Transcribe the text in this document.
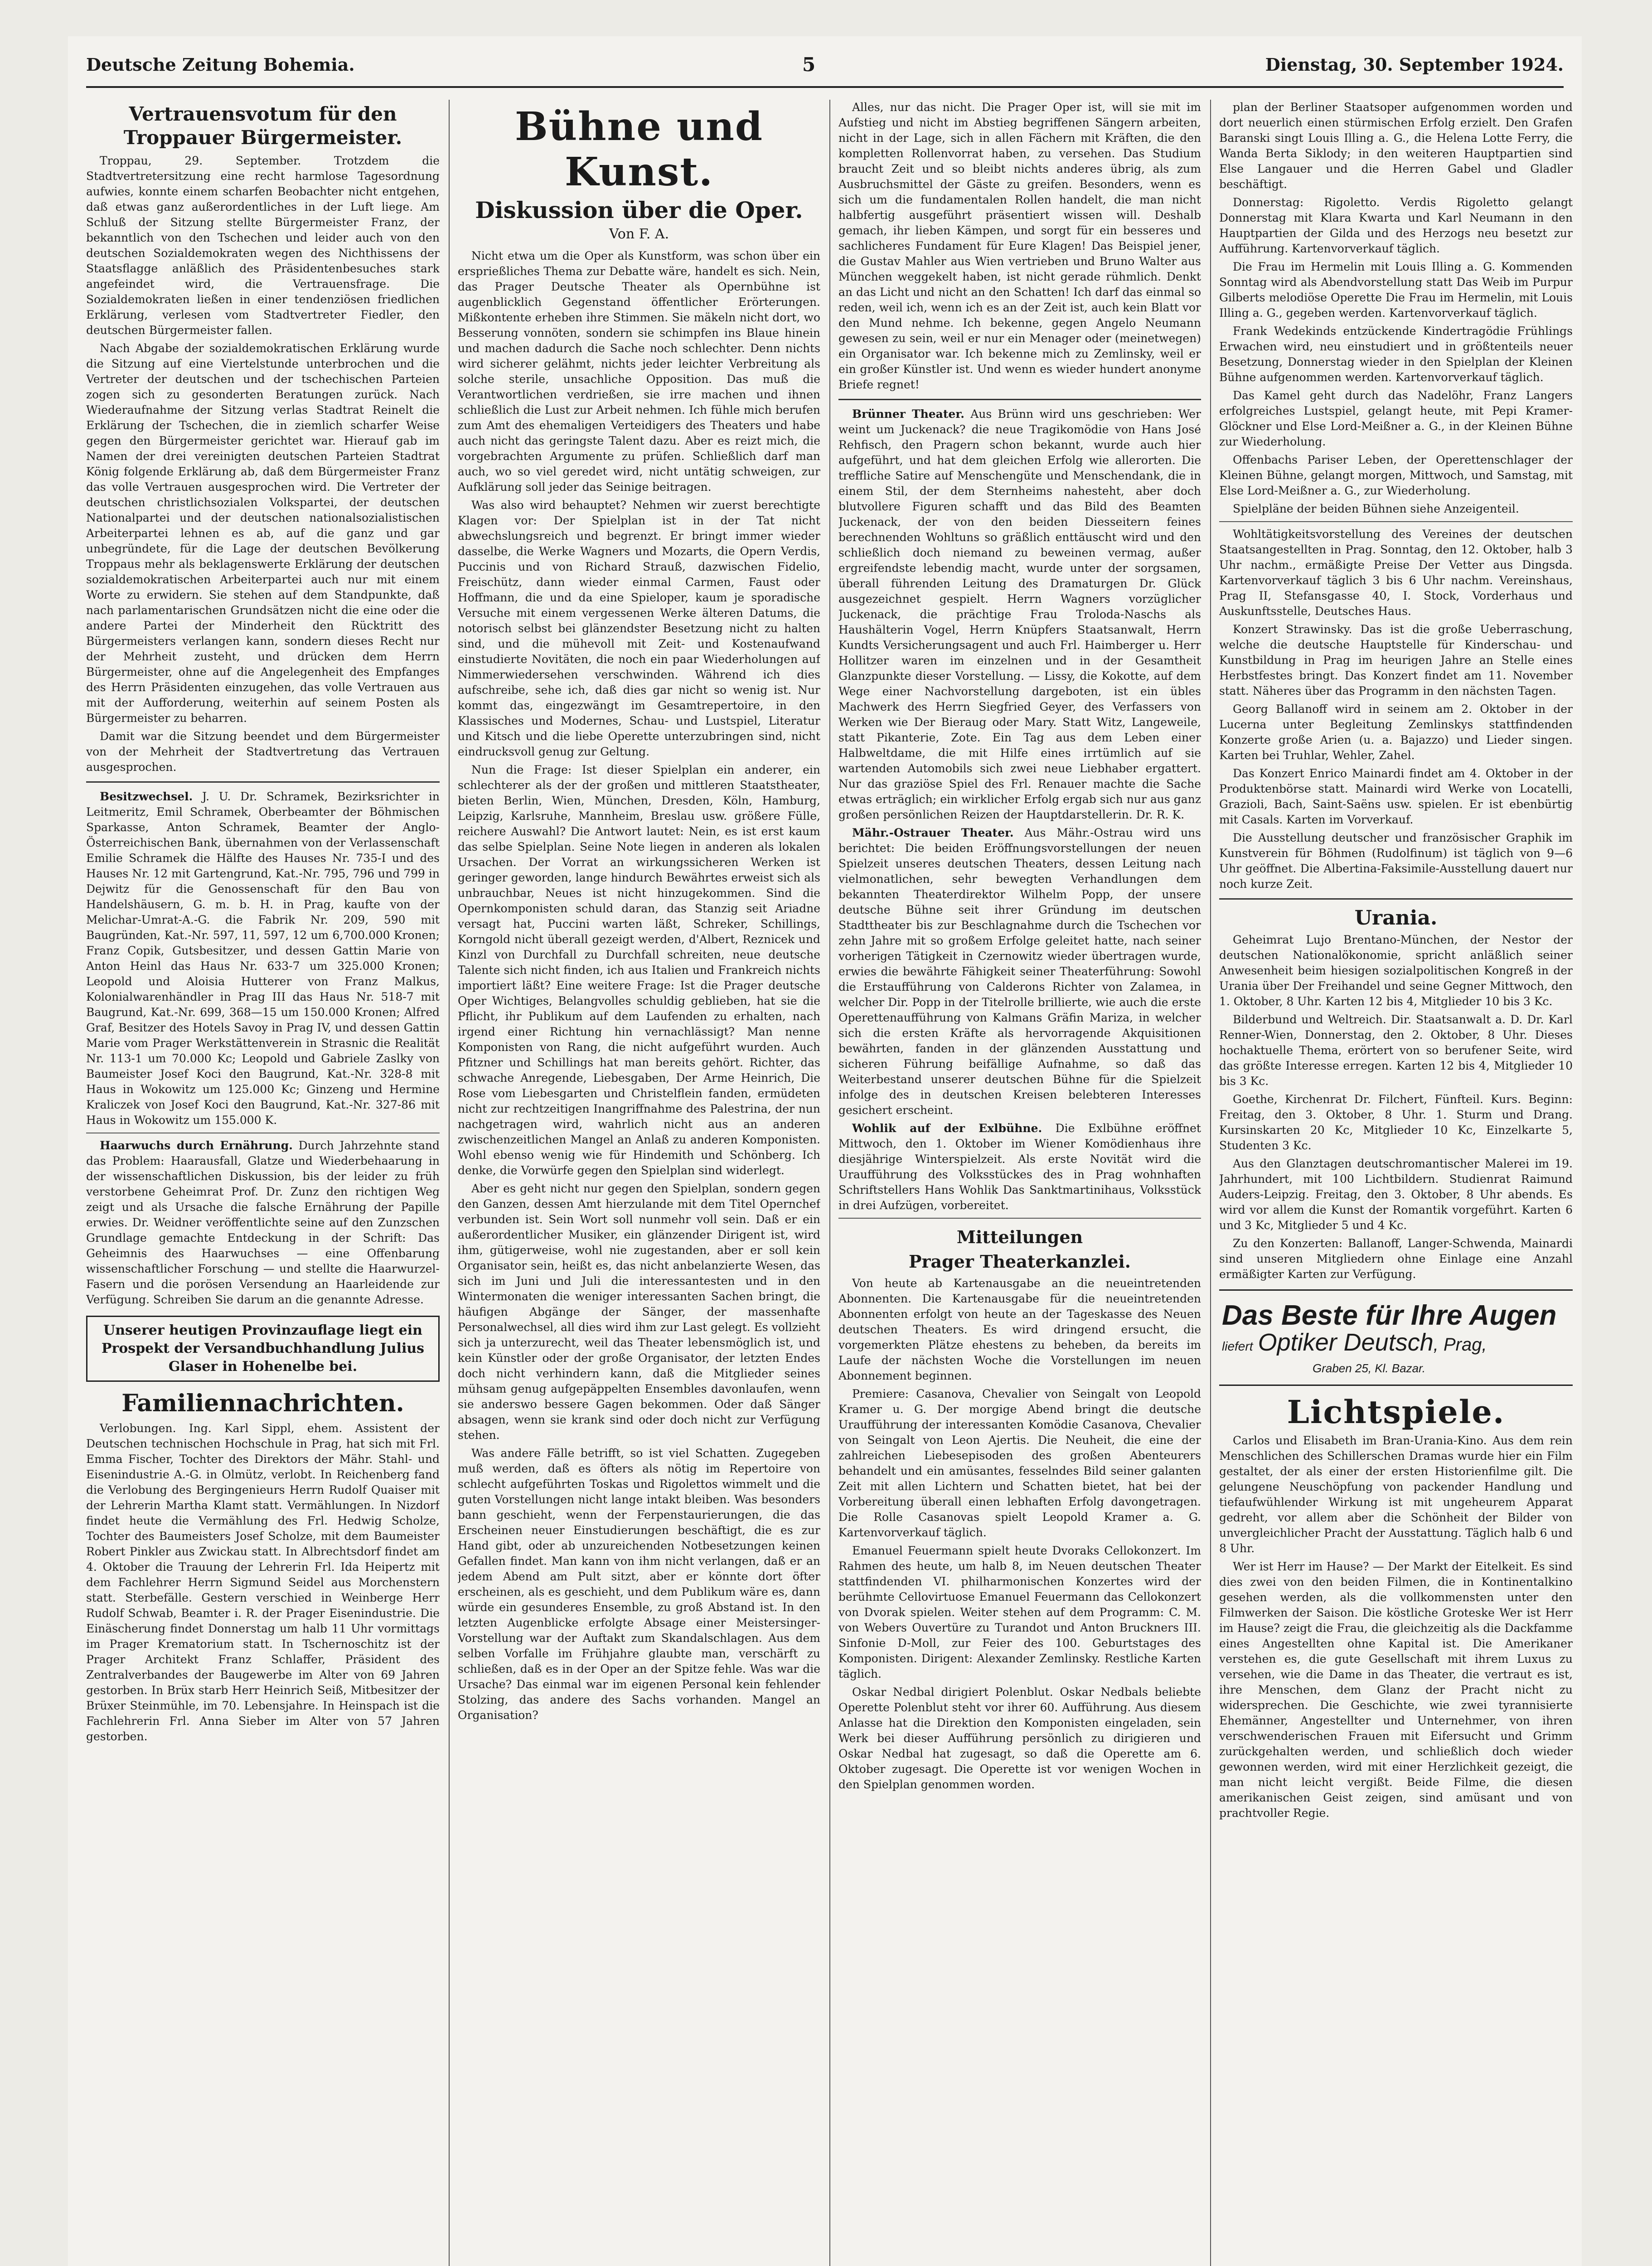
Deutsche Zeitung Bohemia.	5	Dienstag, 30. September 1924.
Vertrauensvotum für den Troppauer Bürgermeister.

Troppau, 29. September. Trotzdem die Stadtvertretersitzung eine recht harmlose Tagesordnung aufwies, konnte einem scharfen Beobachter nicht entgehen, daß etwas ganz außerordentliches in der Luft liege. Am Schluß der Sitzung stellte Bürgermeister Franz, der bekanntlich von den Tschechen und leider auch von den deutschen Sozialdemokraten wegen des Nichthissens der Staatsflagge anläßlich des Präsidentenbesuches stark angefeindet wird, die Vertrauensfrage. Die Sozialdemokraten ließen in einer tendenziösen friedlichen Erklärung, verlesen vom Stadtvertreter Fiedler, den deutschen Bürgermeister fallen.

Nach Abgabe der sozialdemokratischen Erklärung wurde die Sitzung auf eine Viertelstunde unterbrochen und die Vertreter der deutschen und der tschechischen Parteien zogen sich zu gesonderten Beratungen zurück. Nach Wiederaufnahme der Sitzung verlas Stadtrat Reinelt die Erklärung der Tschechen, die in ziemlich scharfer Weise gegen den Bürgermeister gerichtet war. Hierauf gab im Namen der drei vereinigten deutschen Parteien Stadtrat König folgende Erklärung ab, daß dem Bürgermeister Franz das volle Vertrauen ausgesprochen wird. Die Vertreter der deutschen christlichsozialen Volkspartei, der deutschen Nationalpartei und der deutschen nationalsozialistischen Arbeiterpartei lehnen es ab, auf die ganz und gar unbegründete, für die Lage der deutschen Bevölkerung Troppaus mehr als beklagenswerte Erklärung der deutschen sozialdemokratischen Arbeiterpartei auch nur mit einem Worte zu erwidern. Sie stehen auf dem Standpunkte, daß nach parlamentarischen Grundsätzen nicht die eine oder die andere Partei der Minderheit den Rücktritt des Bürgermeisters verlangen kann, sondern dieses Recht nur der Mehrheit zusteht, und drücken dem Herrn Bürgermeister, ohne auf die Angelegenheit des Empfanges des Herrn Präsidenten einzugehen, das volle Vertrauen aus mit der Aufforderung, weiterhin auf seinem Posten als Bürgermeister zu beharren.

Damit war die Sitzung beendet und dem Bürgermeister von der Mehrheit der Stadtvertretung das Vertrauen ausgesprochen.

Besitzwechsel. J. U. Dr. Schramek, Bezirksrichter in Leitmeritz, Emil Schramek, Oberbeamter der Böhmischen Sparkasse, Anton Schramek, Beamter der Anglo-Österreichischen Bank, übernahmen von der Verlassenschaft Emilie Schramek die Hälfte des Hauses Nr. 735-I und des Hauses Nr. 12 mit Gartengrund, Kat.-Nr. 795, 796 und 799 in Dejwitz für die Genossenschaft für den Bau von Handelshäusern, G. m. b. H. in Prag, kaufte von der Melichar-Umrat-A.-G. die Fabrik Nr. 209, 590 mit Baugründen, Kat.-Nr. 597, 11, 597, 12 um 6,700.000 Kronen; Franz Copik, Gutsbesitzer, und dessen Gattin Marie von Anton Heinl das Haus Nr. 633-7 um 325.000 Kronen; Leopold und Aloisia Hutterer von Franz Malkus, Kolonialwarenhändler in Prag III das Haus Nr. 518-7 mit Baugrund, Kat.-Nr. 699, 368—15 um 150.000 Kronen; Alfred Graf, Besitzer des Hotels Savoy in Prag IV, und dessen Gattin Marie vom Prager Werkstättenverein in Strasnic die Realität Nr. 113-1 um 70.000 Kc; Leopold und Gabriele Zaslky von Baumeister Josef Koci den Baugrund, Kat.-Nr. 328-8 mit Haus in Wokowitz um 125.000 Kc; Ginzeng und Hermine Kraliczek von Josef Koci den Baugrund, Kat.-Nr. 327-86 mit Haus in Wokowitz um 155.000 K.

Haarwuchs durch Ernährung. Durch Jahrzehnte stand das Problem: Haarausfall, Glatze und Wiederbehaarung in der wissenschaftlichen Diskussion, bis der leider zu früh verstorbene Geheimrat Prof. Dr. Zunz den richtigen Weg zeigt und als Ursache die falsche Ernährung der Papille erwies. Dr. Weidner veröffentlichte seine auf den Zunzschen Grundlage gemachte Entdeckung in der Schrift: Das Geheimnis des Haarwuchses — eine Offenbarung wissenschaftlicher Forschung — und stellte die Haarwurzel-Fasern und die porösen Versendung an Haarleidende zur Verfügung. Schreiben Sie darum an die genannte Adresse.

Unserer heutigen Provinzauflage liegt ein Prospekt der Versandbuchhandlung Julius Glaser in Hohenelbe bei.
Familiennachrichten.

Verlobungen. Ing. Karl Sippl, ehem. Assistent der Deutschen technischen Hochschule in Prag, hat sich mit Frl. Emma Fischer, Tochter des Direktors der Mähr. Stahl- und Eisenindustrie A.-G. in Olmütz, verlobt. In Reichenberg fand die Verlobung des Bergingenieurs Herrn Rudolf Quaiser mit der Lehrerin Martha Klamt statt. Vermählungen. In Nizdorf findet heute die Vermählung des Frl. Hedwig Scholze, Tochter des Baumeisters Josef Scholze, mit dem Baumeister Robert Pinkler aus Zwickau statt. In Albrechtsdorf findet am 4. Oktober die Trauung der Lehrerin Frl. Ida Heipertz mit dem Fachlehrer Herrn Sigmund Seidel aus Morchenstern statt. Sterbefälle. Gestern verschied in Weinberge Herr Rudolf Schwab, Beamter i. R. der Prager Eisenindustrie. Die Einäscherung findet Donnerstag um halb 11 Uhr vormittags im Prager Krematorium statt. In Tschernoschitz ist der Prager Architekt Franz Schlaffer, Präsident des Zentralverbandes der Baugewerbe im Alter von 69 Jahren gestorben. In Brüx starb Herr Heinrich Seiß, Mitbesitzer der Brüxer Steinmühle, im 70. Lebensjahre. In Heinspach ist die Fachlehrerin Frl. Anna Sieber im Alter von 57 Jahren gestorben.

Bühne und Kunst.
Diskussion über die Oper.
Von F. A.

Nicht etwa um die Oper als Kunstform, was schon über ein ersprießliches Thema zur Debatte wäre, handelt es sich. Nein, das Prager Deutsche Theater als Opernbühne ist augenblicklich Gegenstand öffentlicher Erörterungen. Mißkontente erheben ihre Stimmen. Sie mäkeln nicht dort, wo Besserung vonnöten, sondern sie schimpfen ins Blaue hinein und machen dadurch die Sache noch schlechter. Denn nichts wird sicherer gelähmt, nichts jeder leichter Verbreitung als solche sterile, unsachliche Opposition. Das muß die Verantwortlichen verdrießen, sie irre machen und ihnen schließlich die Lust zur Arbeit nehmen. Ich fühle mich berufen zum Amt des ehemaligen Verteidigers des Theaters und habe auch nicht das geringste Talent dazu. Aber es reizt mich, die vorgebrachten Argumente zu prüfen. Schließlich darf man auch, wo so viel geredet wird, nicht untätig schweigen, zur Aufklärung soll jeder das Seinige beitragen.

Was also wird behauptet? Nehmen wir zuerst berechtigte Klagen vor: Der Spielplan ist in der Tat nicht abwechslungsreich und begrenzt. Er bringt immer wieder dasselbe, die Werke Wagners und Mozarts, die Opern Verdis, Puccinis und von Richard Strauß, dazwischen Fidelio, Freischütz, dann wieder einmal Carmen, Faust oder Hoffmann, die und da eine Spieloper, kaum je sporadische Versuche mit einem vergessenen Werke älteren Datums, die notorisch selbst bei glänzendster Besetzung nicht zu halten sind, und die mühevoll mit Zeit- und Kostenaufwand einstudierte Novitäten, die noch ein paar Wiederholungen auf Nimmerwiedersehen verschwinden. Während ich dies aufschreibe, sehe ich, daß dies gar nicht so wenig ist. Nur kommt das, eingezwängt im Gesamtrepertoire, in den Klassisches und Modernes, Schau- und Lustspiel, Literatur und Kitsch und die liebe Operette unterzubringen sind, nicht eindrucksvoll genug zur Geltung.

Nun die Frage: Ist dieser Spielplan ein anderer, ein schlechterer als der der großen und mittleren Staatstheater, bieten Berlin, Wien, München, Dresden, Köln, Hamburg, Leipzig, Karlsruhe, Mannheim, Breslau usw. größere Fülle, reichere Auswahl? Die Antwort lautet: Nein, es ist erst kaum das selbe Spielplan. Seine Note liegen in anderen als lokalen Ursachen. Der Vorrat an wirkungssicheren Werken ist geringer geworden, lange hindurch Bewährtes erweist sich als unbrauchbar, Neues ist nicht hinzugekommen. Sind die Opernkomponisten schuld daran, das Stanzig seit Ariadne versagt hat, Puccini warten läßt, Schreker, Schillings, Korngold nicht überall gezeigt werden, d'Albert, Reznicek und Kinzl von Durchfall zu Durchfall schreiten, neue deutsche Talente sich nicht finden, ich aus Italien und Frankreich nichts importiert läßt? Eine weitere Frage: Ist die Prager deutsche Oper Wichtiges, Belangvolles schuldig geblieben, hat sie die Pflicht, ihr Publikum auf dem Laufenden zu erhalten, nach irgend einer Richtung hin vernachlässigt? Man nenne Komponisten von Rang, die nicht aufgeführt wurden. Auch Pfitzner und Schillings hat man bereits gehört. Richter, das schwache Anregende, Liebesgaben, Der Arme Heinrich, Die Rose vom Liebesgarten und Christelflein fanden, ermüdeten nicht zur rechtzeitigen Inangriffnahme des Palestrina, der nun nachgetragen wird, wahrlich nicht aus an anderen zwischenzeitlichen Mangel an Anlaß zu anderen Komponisten. Wohl ebenso wenig wie für Hindemith und Schönberg. Ich denke, die Vorwürfe gegen den Spielplan sind widerlegt.

Aber es geht nicht nur gegen den Spielplan, sondern gegen den Ganzen, dessen Amt hierzulande mit dem Titel Opernchef verbunden ist. Sein Wort soll nunmehr voll sein. Daß er ein außerordentlicher Musiker, ein glänzender Dirigent ist, wird ihm, gütigerweise, wohl nie zugestanden, aber er soll kein Organisator sein, heißt es, das nicht anbelanzierte Wesen, das sich im Juni und Juli die interessantesten und in den Wintermonaten die weniger interessanten Sachen bringt, die häufigen Abgänge der Sänger, der massenhafte Personalwechsel, all dies wird ihm zur Last gelegt. Es vollzieht sich ja unterzurecht, weil das Theater lebensmöglich ist, und kein Künstler oder der große Organisator, der letzten Endes doch nicht verhindern kann, daß die Mitglieder seines mühsam genug aufgepäppelten Ensembles davonlaufen, wenn sie anderswo bessere Gagen bekommen. Oder daß Sänger absagen, wenn sie krank sind oder doch nicht zur Verfügung stehen.

Was andere Fälle betrifft, so ist viel Schatten. Zugegeben muß werden, daß es öfters als nötig im Repertoire von schlecht aufgeführten Toskas und Rigolettos wimmelt und die guten Vorstellungen nicht lange intakt bleiben. Was besonders bann geschieht, wenn der Ferpenstaurierungen, die das Erscheinen neuer Einstudierungen beschäftigt, die es zur Hand gibt, oder ab unzureichenden Notbesetzungen keinen Gefallen findet. Man kann von ihm nicht verlangen, daß er an jedem Abend am Pult sitzt, aber er könnte dort öfter erscheinen, als es geschieht, und dem Publikum wäre es, dann würde ein gesunderes Ensemble, zu groß Abstand ist. In den letzten Augenblicke erfolgte Absage einer Meistersinger-Vorstellung war der Auftakt zum Skandalschlagen. Aus dem selben Vorfalle im Frühjahre glaubte man, verschärft zu schließen, daß es in der Oper an der Spitze fehle. Was war die Ursache? Das einmal war im eigenen Personal kein fehlender Stolzing, das andere des Sachs vorhanden. Mangel an Organisation?

Alles, nur das nicht. Die Prager Oper ist, will sie mit im Aufstieg und nicht im Abstieg begriffenen Sängern arbeiten, nicht in der Lage, sich in allen Fächern mit Kräften, die den kompletten Rollenvorrat haben, zu versehen. Das Studium braucht Zeit und so bleibt nichts anderes übrig, als zum Ausbruchsmittel der Gäste zu greifen. Besonders, wenn es sich um die fundamentalen Rollen handelt, die man nicht halbfertig ausgeführt präsentiert wissen will. Deshalb gemach, ihr lieben Kämpen, und sorgt für ein besseres und sachlicheres Fundament für Eure Klagen! Das Beispiel jener, die Gustav Mahler aus Wien vertrieben und Bruno Walter aus München weggekelt haben, ist nicht gerade rühmlich. Denkt an das Licht und nicht an den Schatten! Ich darf das einmal so reden, weil ich, wenn ich es an der Zeit ist, auch kein Blatt vor den Mund nehme. Ich bekenne, gegen Angelo Neumann gewesen zu sein, weil er nur ein Menager oder (meinetwegen) ein Organisator war. Ich bekenne mich zu Zemlinsky, weil er ein großer Künstler ist. Und wenn es wieder hundert anonyme Briefe regnet!

Brünner Theater. Aus Brünn wird uns geschrieben: Wer weint um Juckenack? die neue Tragikomödie von Hans José Rehfisch, den Pragern schon bekannt, wurde auch hier aufgeführt, und hat dem gleichen Erfolg wie allerorten. Die treffliche Satire auf Menschengüte und Menschendank, die in einem Stil, der dem Sternheims nahesteht, aber doch blutvollere Figuren schafft und das Bild des Beamten Juckenack, der von den beiden Diesseitern feines berechnenden Wohltuns so gräßlich enttäuscht wird und den schließlich doch niemand zu beweinen vermag, außer ergreifendste lebendig macht, wurde unter der sorgsamen, überall führenden Leitung des Dramaturgen Dr. Glück ausgezeichnet gespielt. Herrn Wagners vorzüglicher Juckenack, die prächtige Frau Troloda-Naschs als Haushälterin Vogel, Herrn Knüpfers Staatsanwalt, Herrn Kundts Versicherungsagent und auch Frl. Haimberger u. Herr Hollitzer waren im einzelnen und in der Gesamtheit Glanzpunkte dieser Vorstellung. — Lissy, die Kokotte, auf dem Wege einer Nachvorstellung dargeboten, ist ein übles Machwerk des Herrn Siegfried Geyer, des Verfassers von Werken wie Der Bieraug oder Mary. Statt Witz, Langeweile, statt Pikanterie, Zote. Ein Tag aus dem Leben einer Halbweltdame, die mit Hilfe eines irrtümlich auf sie wartenden Automobils sich zwei neue Liebhaber ergattert. Nur das graziöse Spiel des Frl. Renauer machte die Sache etwas erträglich; ein wirklicher Erfolg ergab sich nur aus ganz großen persönlichen Reizen der Hauptdarstellerin. Dr. R. K.

Mähr.-Ostrauer Theater. Aus Mähr.-Ostrau wird uns berichtet: Die beiden Eröffnungsvorstellungen der neuen Spielzeit unseres deutschen Theaters, dessen Leitung nach vielmonatlichen, sehr bewegten Verhandlungen dem bekannten Theaterdirektor Wilhelm Popp, der unsere deutsche Bühne seit ihrer Gründung im deutschen Stadttheater bis zur Beschlagnahme durch die Tschechen vor zehn Jahre mit so großem Erfolge geleitet hatte, nach seiner vorherigen Tätigkeit in Czernowitz wieder übertragen wurde, erwies die bewährte Fähigkeit seiner Theaterführung: Sowohl die Erstaufführung von Calderons Richter von Zalamea, in welcher Dir. Popp in der Titelrolle brillierte, wie auch die erste Operettenaufführung von Kalmans Gräfin Mariza, in welcher sich die ersten Kräfte als hervorragende Akquisitionen bewährten, fanden in der glänzenden Ausstattung und sicheren Führung beifällige Aufnahme, so daß das Weiterbestand unserer deutschen Bühne für die Spielzeit infolge des in deutschen Kreisen belebteren Interesses gesichert erscheint.

Wohlik auf der Exlbühne. Die Exlbühne eröffnet Mittwoch, den 1. Oktober im Wiener Komödienhaus ihre diesjährige Winterspielzeit. Als erste Novität wird die Uraufführung des Volksstückes des in Prag wohnhaften Schriftstellers Hans Wohlik Das Sanktmartinihaus, Volksstück in drei Aufzügen, vorbereitet.

Mitteilungen
Prager Theaterkanzlei.

Von heute ab Kartenausgabe an die neueintretenden Abonnenten. Die Kartenausgabe für die neueintretenden Abonnenten erfolgt von heute an der Tageskasse des Neuen deutschen Theaters. Es wird dringend ersucht, die vorgemerkten Plätze ehestens zu beheben, da bereits im Laufe der nächsten Woche die Vorstellungen im neuen Abonnement beginnen.

Premiere: Casanova, Chevalier von Seingalt von Leopold Kramer u. G. Der morgige Abend bringt die deutsche Uraufführung der interessanten Komödie Casanova, Chevalier von Seingalt von Leon Ajertis. Die Neuheit, die eine der zahlreichen Liebesepisoden des großen Abenteurers behandelt und ein amüsantes, fesselndes Bild seiner galanten Zeit mit allen Lichtern und Schatten bietet, hat bei der Vorbereitung überall einen lebhaften Erfolg davongetragen. Die Rolle Casanovas spielt Leopold Kramer a. G. Kartenvorverkauf täglich.

Emanuel Feuermann spielt heute Dvoraks Cellokonzert. Im Rahmen des heute, um halb 8, im Neuen deutschen Theater stattfindenden VI. philharmonischen Konzertes wird der berühmte Cellovirtuose Emanuel Feuermann das Cellokonzert von Dvorak spielen. Weiter stehen auf dem Programm: C. M. von Webers Ouvertüre zu Turandot und Anton Bruckners III. Sinfonie D-Moll, zur Feier des 100. Geburtstages des Komponisten. Dirigent: Alexander Zemlinsky. Restliche Karten täglich.

Oskar Nedbal dirigiert Polenblut. Oskar Nedbals beliebte Operette Polenblut steht vor ihrer 60. Aufführung. Aus diesem Anlasse hat die Direktion den Komponisten eingeladen, sein Werk bei dieser Aufführung persönlich zu dirigieren und Oskar Nedbal hat zugesagt, so daß die Operette am 6. Oktober zugesagt. Die Operette ist vor wenigen Wochen in den Spielplan genommen worden.

plan der Berliner Staatsoper aufgenommen worden und dort neuerlich einen stürmischen Erfolg erzielt. Den Grafen Baranski singt Louis Illing a. G., die Helena Lotte Ferry, die Wanda Berta Siklody; in den weiteren Hauptpartien sind Else Langauer und die Herren Gabel und Gladler beschäftigt.

Donnerstag: Rigoletto. Verdis Rigoletto gelangt Donnerstag mit Klara Kwarta und Karl Neumann in den Hauptpartien der Gilda und des Herzogs neu besetzt zur Aufführung. Kartenvorverkauf täglich.

Die Frau im Hermelin mit Louis Illing a. G. Kommenden Sonntag wird als Abendvorstellung statt Das Weib im Purpur Gilberts melodiöse Operette Die Frau im Hermelin, mit Louis Illing a. G., gegeben werden. Kartenvorverkauf täglich.

Frank Wedekinds entzückende Kindertragödie Frühlings Erwachen wird, neu einstudiert und in größtenteils neuer Besetzung, Donnerstag wieder in den Spielplan der Kleinen Bühne aufgenommen werden. Kartenvorverkauf täglich.

Das Kamel geht durch das Nadelöhr, Franz Langers erfolgreiches Lustspiel, gelangt heute, mit Pepi Kramer-Glöckner und Else Lord-Meißner a. G., in der Kleinen Bühne zur Wiederholung.

Offenbachs Pariser Leben, der Operettenschlager der Kleinen Bühne, gelangt morgen, Mittwoch, und Samstag, mit Else Lord-Meißner a. G., zur Wiederholung.

Spielpläne der beiden Bühnen siehe Anzeigenteil.

Wohltätigkeitsvorstellung des Vereines der deutschen Staatsangestellten in Prag. Sonntag, den 12. Oktober, halb 3 Uhr nachm., ermäßigte Preise Der Vetter aus Dingsda. Kartenvorverkauf täglich 3 bis 6 Uhr nachm. Vereinshaus, Prag II, Stefansgasse 40, I. Stock, Vorderhaus und Auskunftsstelle, Deutsches Haus.

Konzert Strawinsky. Das ist die große Ueberraschung, welche die deutsche Hauptstelle für Kinderschau- und Kunstbildung in Prag im heurigen Jahre an Stelle eines Herbstfestes bringt. Das Konzert findet am 11. November statt. Näheres über das Programm in den nächsten Tagen.

Georg Ballanoff wird in seinem am 2. Oktober in der Lucerna unter Begleitung Zemlinskys stattfindenden Konzerte große Arien (u. a. Bajazzo) und Lieder singen. Karten bei Truhlar, Wehler, Zahel.

Das Konzert Enrico Mainardi findet am 4. Oktober in der Produktenbörse statt. Mainardi wird Werke von Locatelli, Grazioli, Bach, Saint-Saëns usw. spielen. Er ist ebenbürtig mit Casals. Karten im Vorverkauf.

Die Ausstellung deutscher und französischer Graphik im Kunstverein für Böhmen (Rudolfinum) ist täglich von 9—6 Uhr geöffnet. Die Albertina-Faksimile-Ausstellung dauert nur noch kurze Zeit.

Urania.

Geheimrat Lujo Brentano-München, der Nestor der deutschen Nationalökonomie, spricht anläßlich seiner Anwesenheit beim hiesigen sozialpolitischen Kongreß in der Urania über Der Freihandel und seine Gegner Mittwoch, den 1. Oktober, 8 Uhr. Karten 12 bis 4, Mitglieder 10 bis 3 Kc.

Bilderbund und Weltreich. Dir. Staatsanwalt a. D. Dr. Karl Renner-Wien, Donnerstag, den 2. Oktober, 8 Uhr. Dieses hochaktuelle Thema, erörtert von so berufener Seite, wird das größte Interesse erregen. Karten 12 bis 4, Mitglieder 10 bis 3 Kc.

Goethe, Kirchenrat Dr. Filchert, Fünfteil. Kurs. Beginn: Freitag, den 3. Oktober, 8 Uhr. 1. Sturm und Drang. Kursinskarten 20 Kc, Mitglieder 10 Kc, Einzelkarte 5, Studenten 3 Kc.

Aus den Glanztagen deutschromantischer Malerei im 19. Jahrhundert, mit 100 Lichtbildern. Studienrat Raimund Auders-Leipzig. Freitag, den 3. Oktober, 8 Uhr abends. Es wird vor allem die Kunst der Romantik vorgeführt. Karten 6 und 3 Kc, Mitglieder 5 und 4 Kc.

Zu den Konzerten: Ballanoff, Langer-Schwenda, Mainardi sind unseren Mitgliedern ohne Einlage eine Anzahl ermäßigter Karten zur Verfügung.

Das Beste für Ihre Augen
liefert Optiker Deutsch, Prag,
Graben 25, Kl. Bazar.
Lichtspiele.

Carlos und Elisabeth im Bran-Urania-Kino. Aus dem rein Menschlichen des Schillerschen Dramas wurde hier ein Film gestaltet, der als einer der ersten Historienfilme gilt. Die gelungene Neuschöpfung von packender Handlung und tiefaufwühlender Wirkung ist mit ungeheurem Apparat gedreht, vor allem aber die Schönheit der Bilder von unvergleichlicher Pracht der Ausstattung. Täglich halb 6 und 8 Uhr.

Wer ist Herr im Hause? — Der Markt der Eitelkeit. Es sind dies zwei von den beiden Filmen, die in Kontinentalkino gesehen werden, als die vollkommensten unter den Filmwerken der Saison. Die köstliche Groteske Wer ist Herr im Hause? zeigt die Frau, die gleichzeitig als die Dackfamme eines Angestellten ohne Kapital ist. Die Amerikaner verstehen es, die gute Gesellschaft mit ihrem Luxus zu versehen, wie die Dame in das Theater, die vertraut es ist, ihre Menschen, dem Glanz der Pracht nicht zu widersprechen. Die Geschichte, wie zwei tyrannisierte Ehemänner, Angestellter und Unternehmer, von ihren verschwenderischen Frauen mit Eifersucht und Grimm zurückgehalten werden, und schließlich doch wieder gewonnen werden, wird mit einer Herzlichkeit gezeigt, die man nicht leicht vergißt. Beide Filme, die diesen amerikanischen Geist zeigen, sind amüsant und von prachtvoller Regie.
